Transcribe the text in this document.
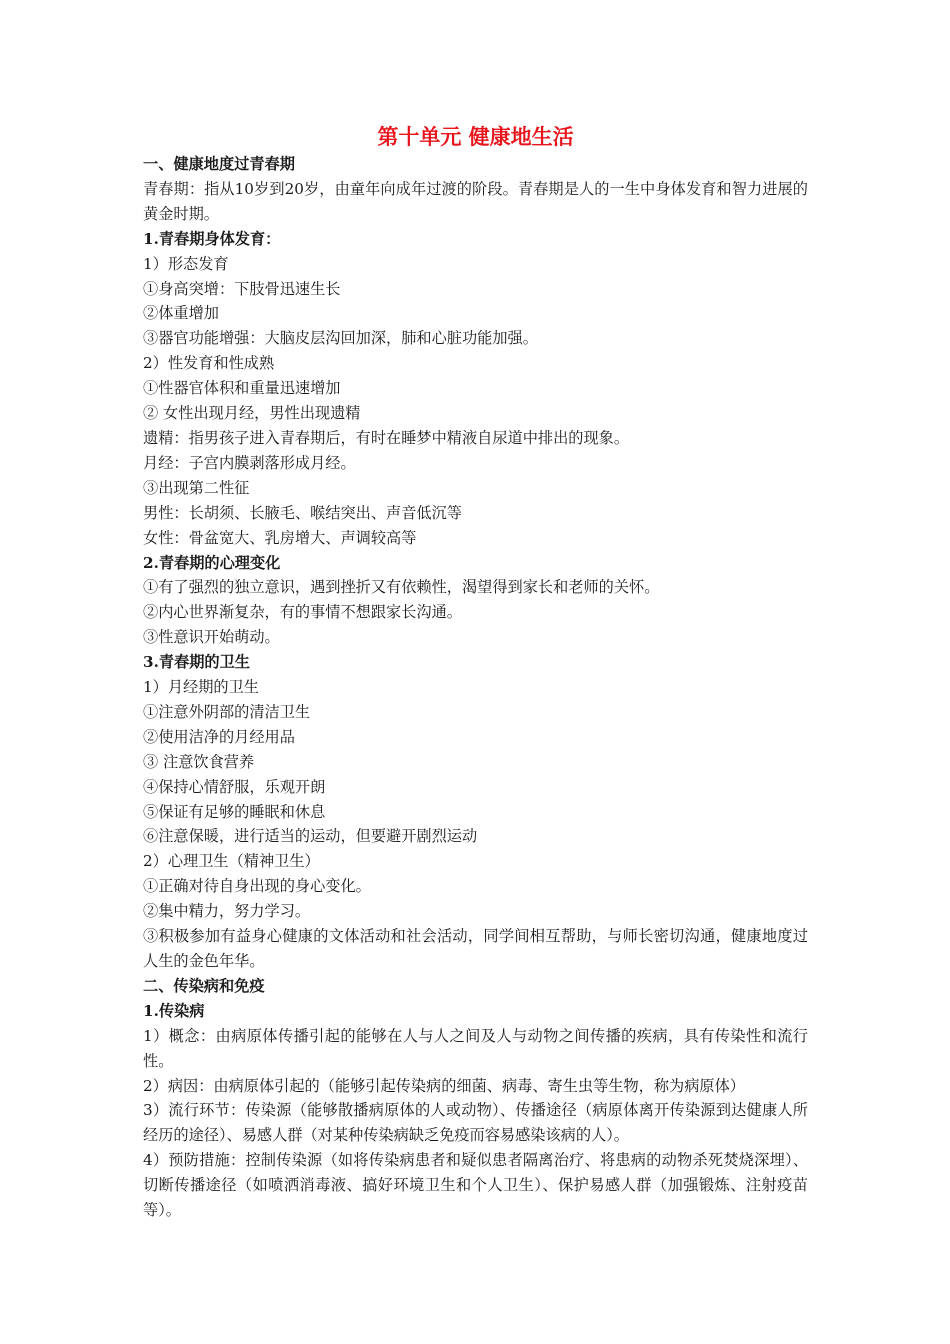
第十单元 健康地生活

一、健康地度过青春期

青春期：指从10岁到20岁，由童年向成年过渡的阶段。青春期是人的一生中身体发育和智力进展的黄金时期。

1.青春期身体发育：

1）形态发育

①身高突增：下肢骨迅速生长

②体重增加

③器官功能增强：大脑皮层沟回加深，肺和心脏功能加强。

2）性发育和性成熟

①性器官体积和重量迅速增加

② 女性出现月经，男性出现遗精

遗精：指男孩子进入青春期后，有时在睡梦中精液自尿道中排出的现象。

月经：子宫内膜剥落形成月经。

③出现第二性征

男性：长胡须、长腋毛、喉结突出、声音低沉等

女性：骨盆宽大、乳房增大、声调较高等

2.青春期的心理变化

①有了强烈的独立意识，遇到挫折又有依赖性，渴望得到家长和老师的关怀。

②内心世界渐复杂，有的事情不想跟家长沟通。

③性意识开始萌动。

3.青春期的卫生

1）月经期的卫生

①注意外阴部的清洁卫生

②使用洁净的月经用品

③ 注意饮食营养

④保持心情舒服，乐观开朗

⑤保证有足够的睡眠和休息

⑥注意保暖，进行适当的运动，但要避开剧烈运动

2）心理卫生（精神卫生）

①正确对待自身出现的身心变化。

②集中精力，努力学习。

③积极参加有益身心健康的文体活动和社会活动，同学间相互帮助，与师长密切沟通，健康地度过人生的金色年华。

二、传染病和免疫

1.传染病

1）概念：由病原体传播引起的能够在人与人之间及人与动物之间传播的疾病，具有传染性和流行性。

2）病因：由病原体引起的（能够引起传染病的细菌、病毒、寄生虫等生物，称为病原体）

3）流行环节：传染源（能够散播病原体的人或动物）、传播途径（病原体离开传染源到达健康人所经历的途径）、易感人群（对某种传染病缺乏免疫而容易感染该病的人）。

4）预防措施：控制传染源（如将传染病患者和疑似患者隔离治疗、将患病的动物杀死焚烧深埋）、切断传播途径（如喷洒消毒液、搞好环境卫生和个人卫生）、保护易感人群（加强锻炼、注射疫苗等）。
